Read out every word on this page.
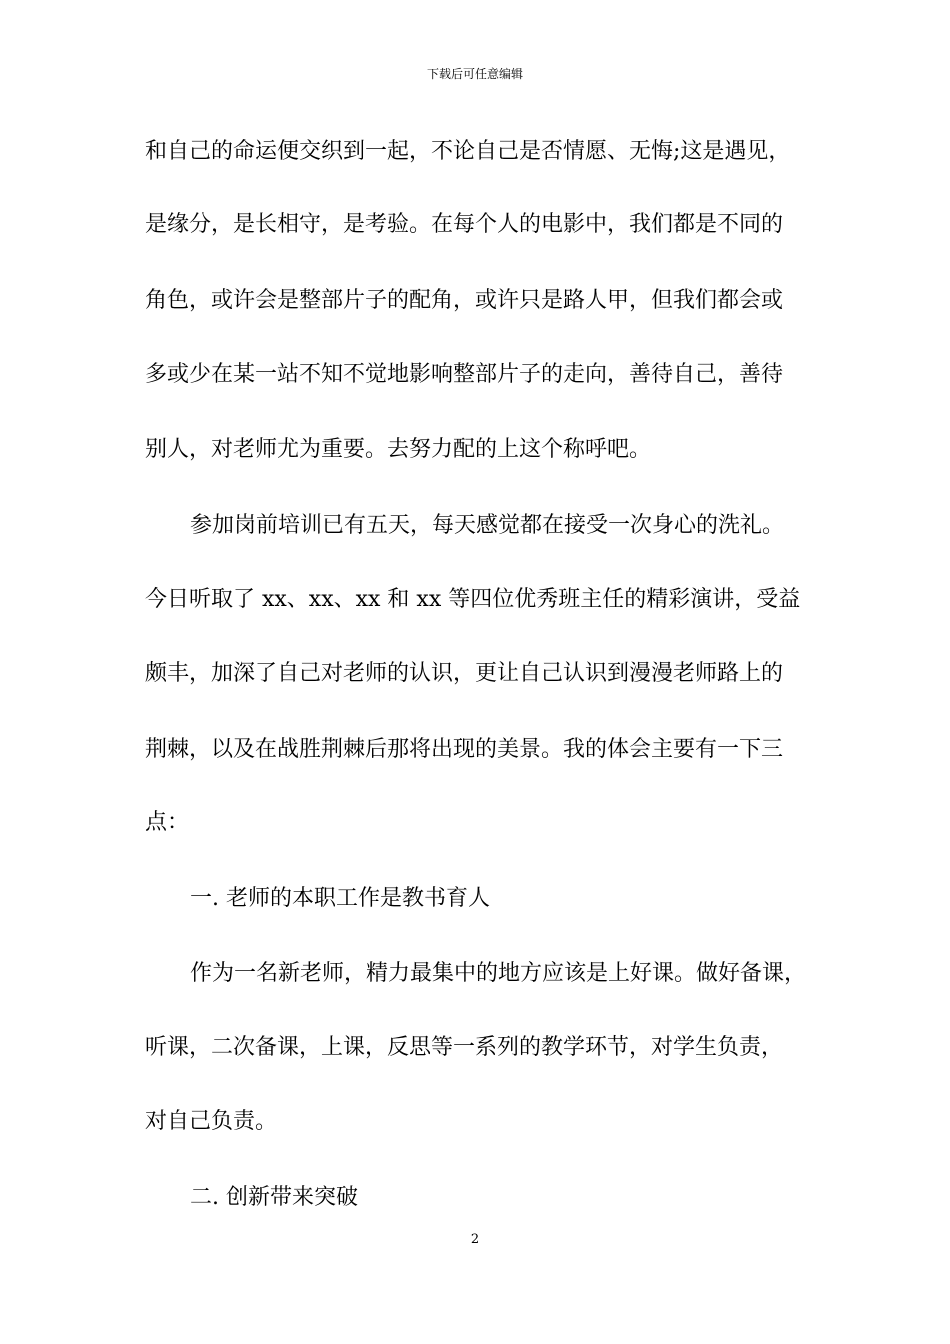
下载后可任意编辑
和自己的命运便交织到一起，不论自己是否情愿、无悔;这是遇见，
是缘分，是长相守，是考验。在每个人的电影中，我们都是不同的
角色，或许会是整部片子的配角，或许只是路人甲，但我们都会或
多或少在某一站不知不觉地影响整部片子的走向，善待自己，善待
别人，对老师尤为重要。去努力配的上这个称呼吧。
参加岗前培训已有五天，每天感觉都在接受一次身心的洗礼。
今日听取了 xx、xx、xx 和 xx 等四位优秀班主任的精彩演讲，受益
颇丰，加深了自己对老师的认识，更让自己认识到漫漫老师路上的
荆棘，以及在战胜荆棘后那将出现的美景。我的体会主要有一下三
点：
一. 老师的本职工作是教书育人
作为一名新老师，精力最集中的地方应该是上好课。做好备课，
听课，二次备课，上课，反思等一系列的教学环节，对学生负责，
对自己负责。
二. 创新带来突破
2
